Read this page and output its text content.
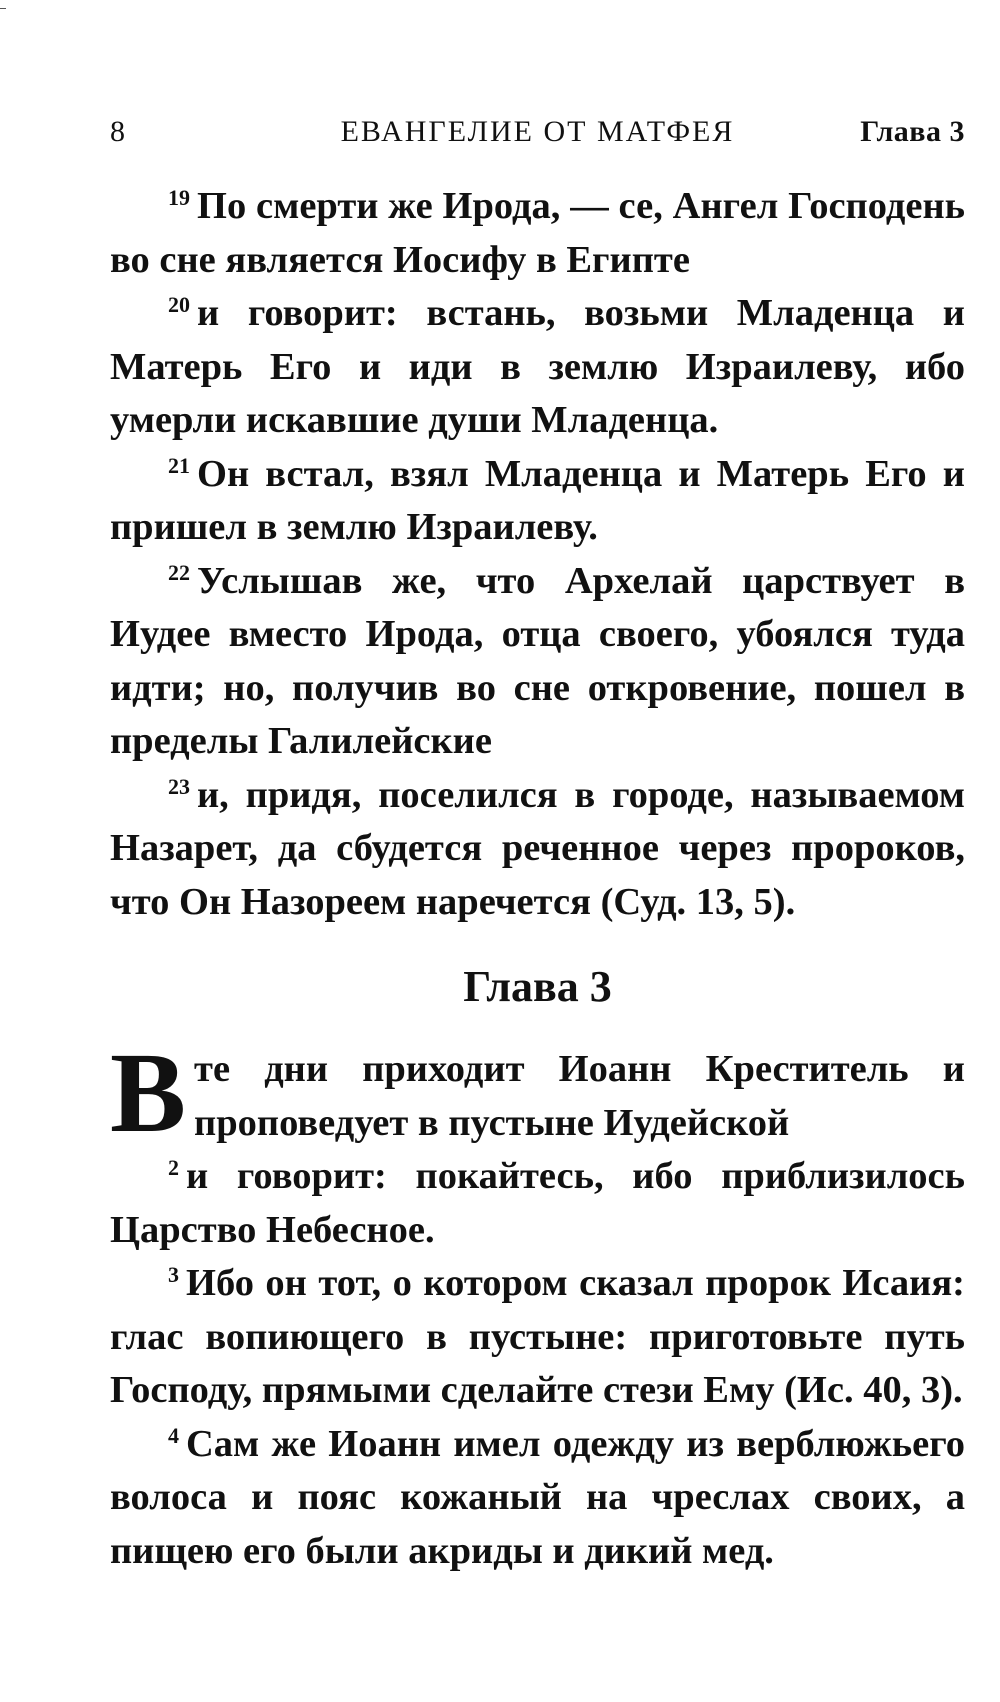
8	ЕВАНГЕЛИЕ ОТ МАТФЕЯ	Глава 3

$^{19}$ По смерти же Ирода, — се, Ангел Господень во сне является Иосифу в Египте

$^{20}$ и говорит: встань, возьми Младенца и Матерь Его и иди в землю Израилеву, ибо умерли искавшие души Младенца.

$^{21}$ Он встал, взял Младенца и Матерь Его и пришел в землю Израилеву.

$^{22}$ Услышав же, что Архелай царствует в Иудее вместо Ирода, отца своего, убоялся туда идти; но, получив во сне откровение, пошел в пределы Галилейские

$^{23}$ и, придя, поселился в городе, называемом Назарет, да сбудется реченное через пророков, что Он Назореем наречется (Суд. 13, 5).

Глава 3

Вте дни приходит Иоанн Креститель и проповедует в пустыне Иудейской

$^2$ и говорит: покайтесь, ибо приблизилось Царство Небесное.

$^3$ Ибо он тот, о котором сказал пророк Исаия: глас вопиющего в пустыне: приготовьте путь Господу, прямыми сделайте стези Ему (Ис. 40, 3).

$^4$ Сам же Иоанн имел одежду из верблюжьего волоса и пояс кожаный на чреслах своих, а пищею его были акриды и дикий мед.
